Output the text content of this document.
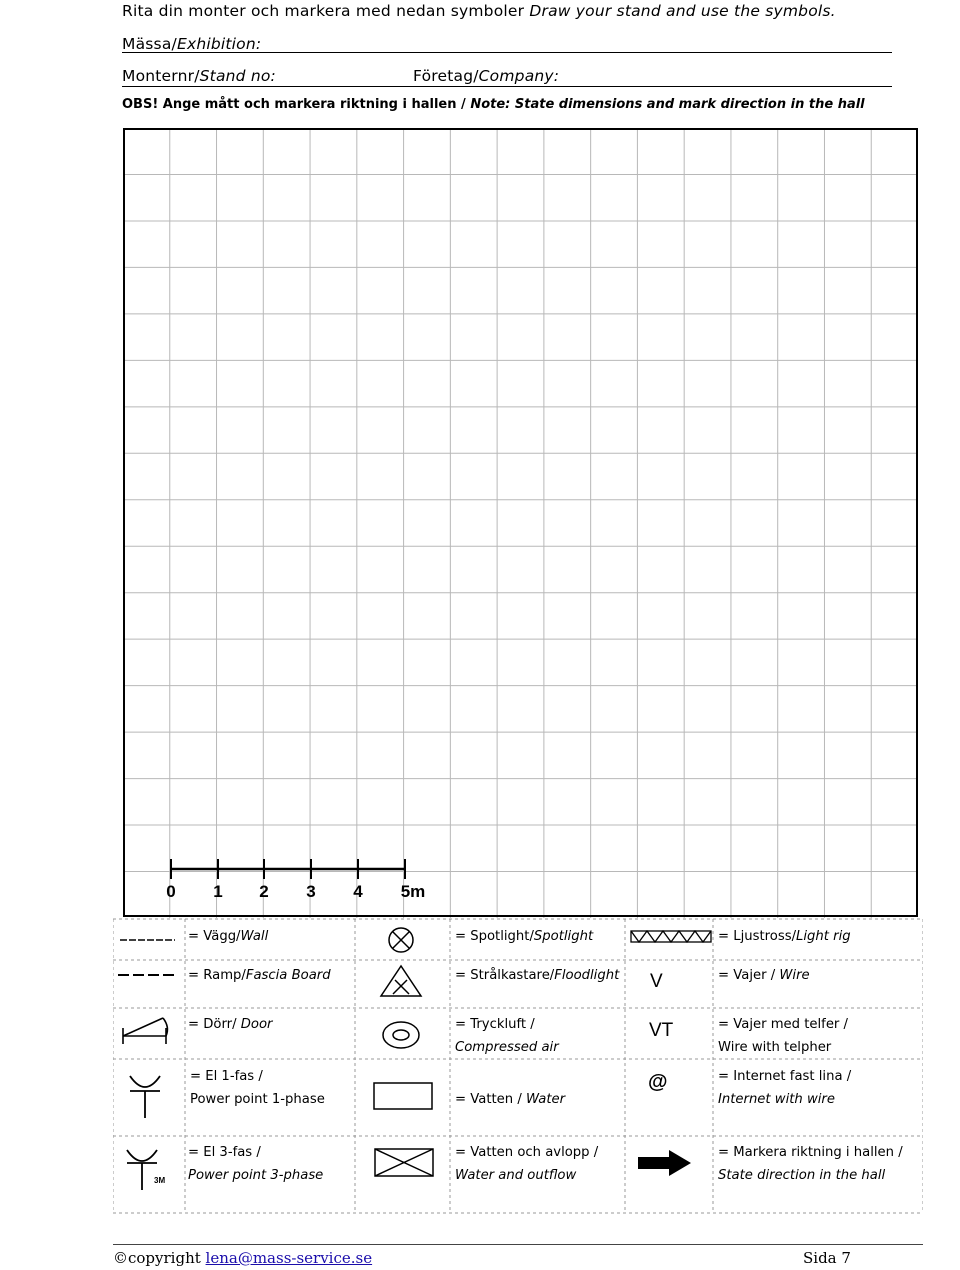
Rita din monter och markera med nedan symboler Draw your stand and use the symbols.
Mässa/Exhibition:
Monternr/Stand no:	Företag/Company:
OBS! Ange mått och markera riktning i hallen / Note: State dimensions and mark direction in the hall
0 1 2 3 4 5m
3M
V
VT
@
= Vägg/Wall
= Ramp/Fascia Board
= Dörr/ Door
= El 1-fas /
Power point 1-phase
= El 3-fas /
Power point 3-phase
= Spotlight/Spotlight
= Strålkastare/Floodlight
= Tryckluft /
Compressed air
= Vatten / Water
= Vatten och avlopp /
Water and outflow
= Ljustross/Light rig
= Vajer / Wire
= Vajer med telfer /
Wire with telpher
= Internet fast lina /
Internet with wire
= Markera riktning i hallen /
State direction in the hall
©copyright lena@mass-service.se	Sida 7
